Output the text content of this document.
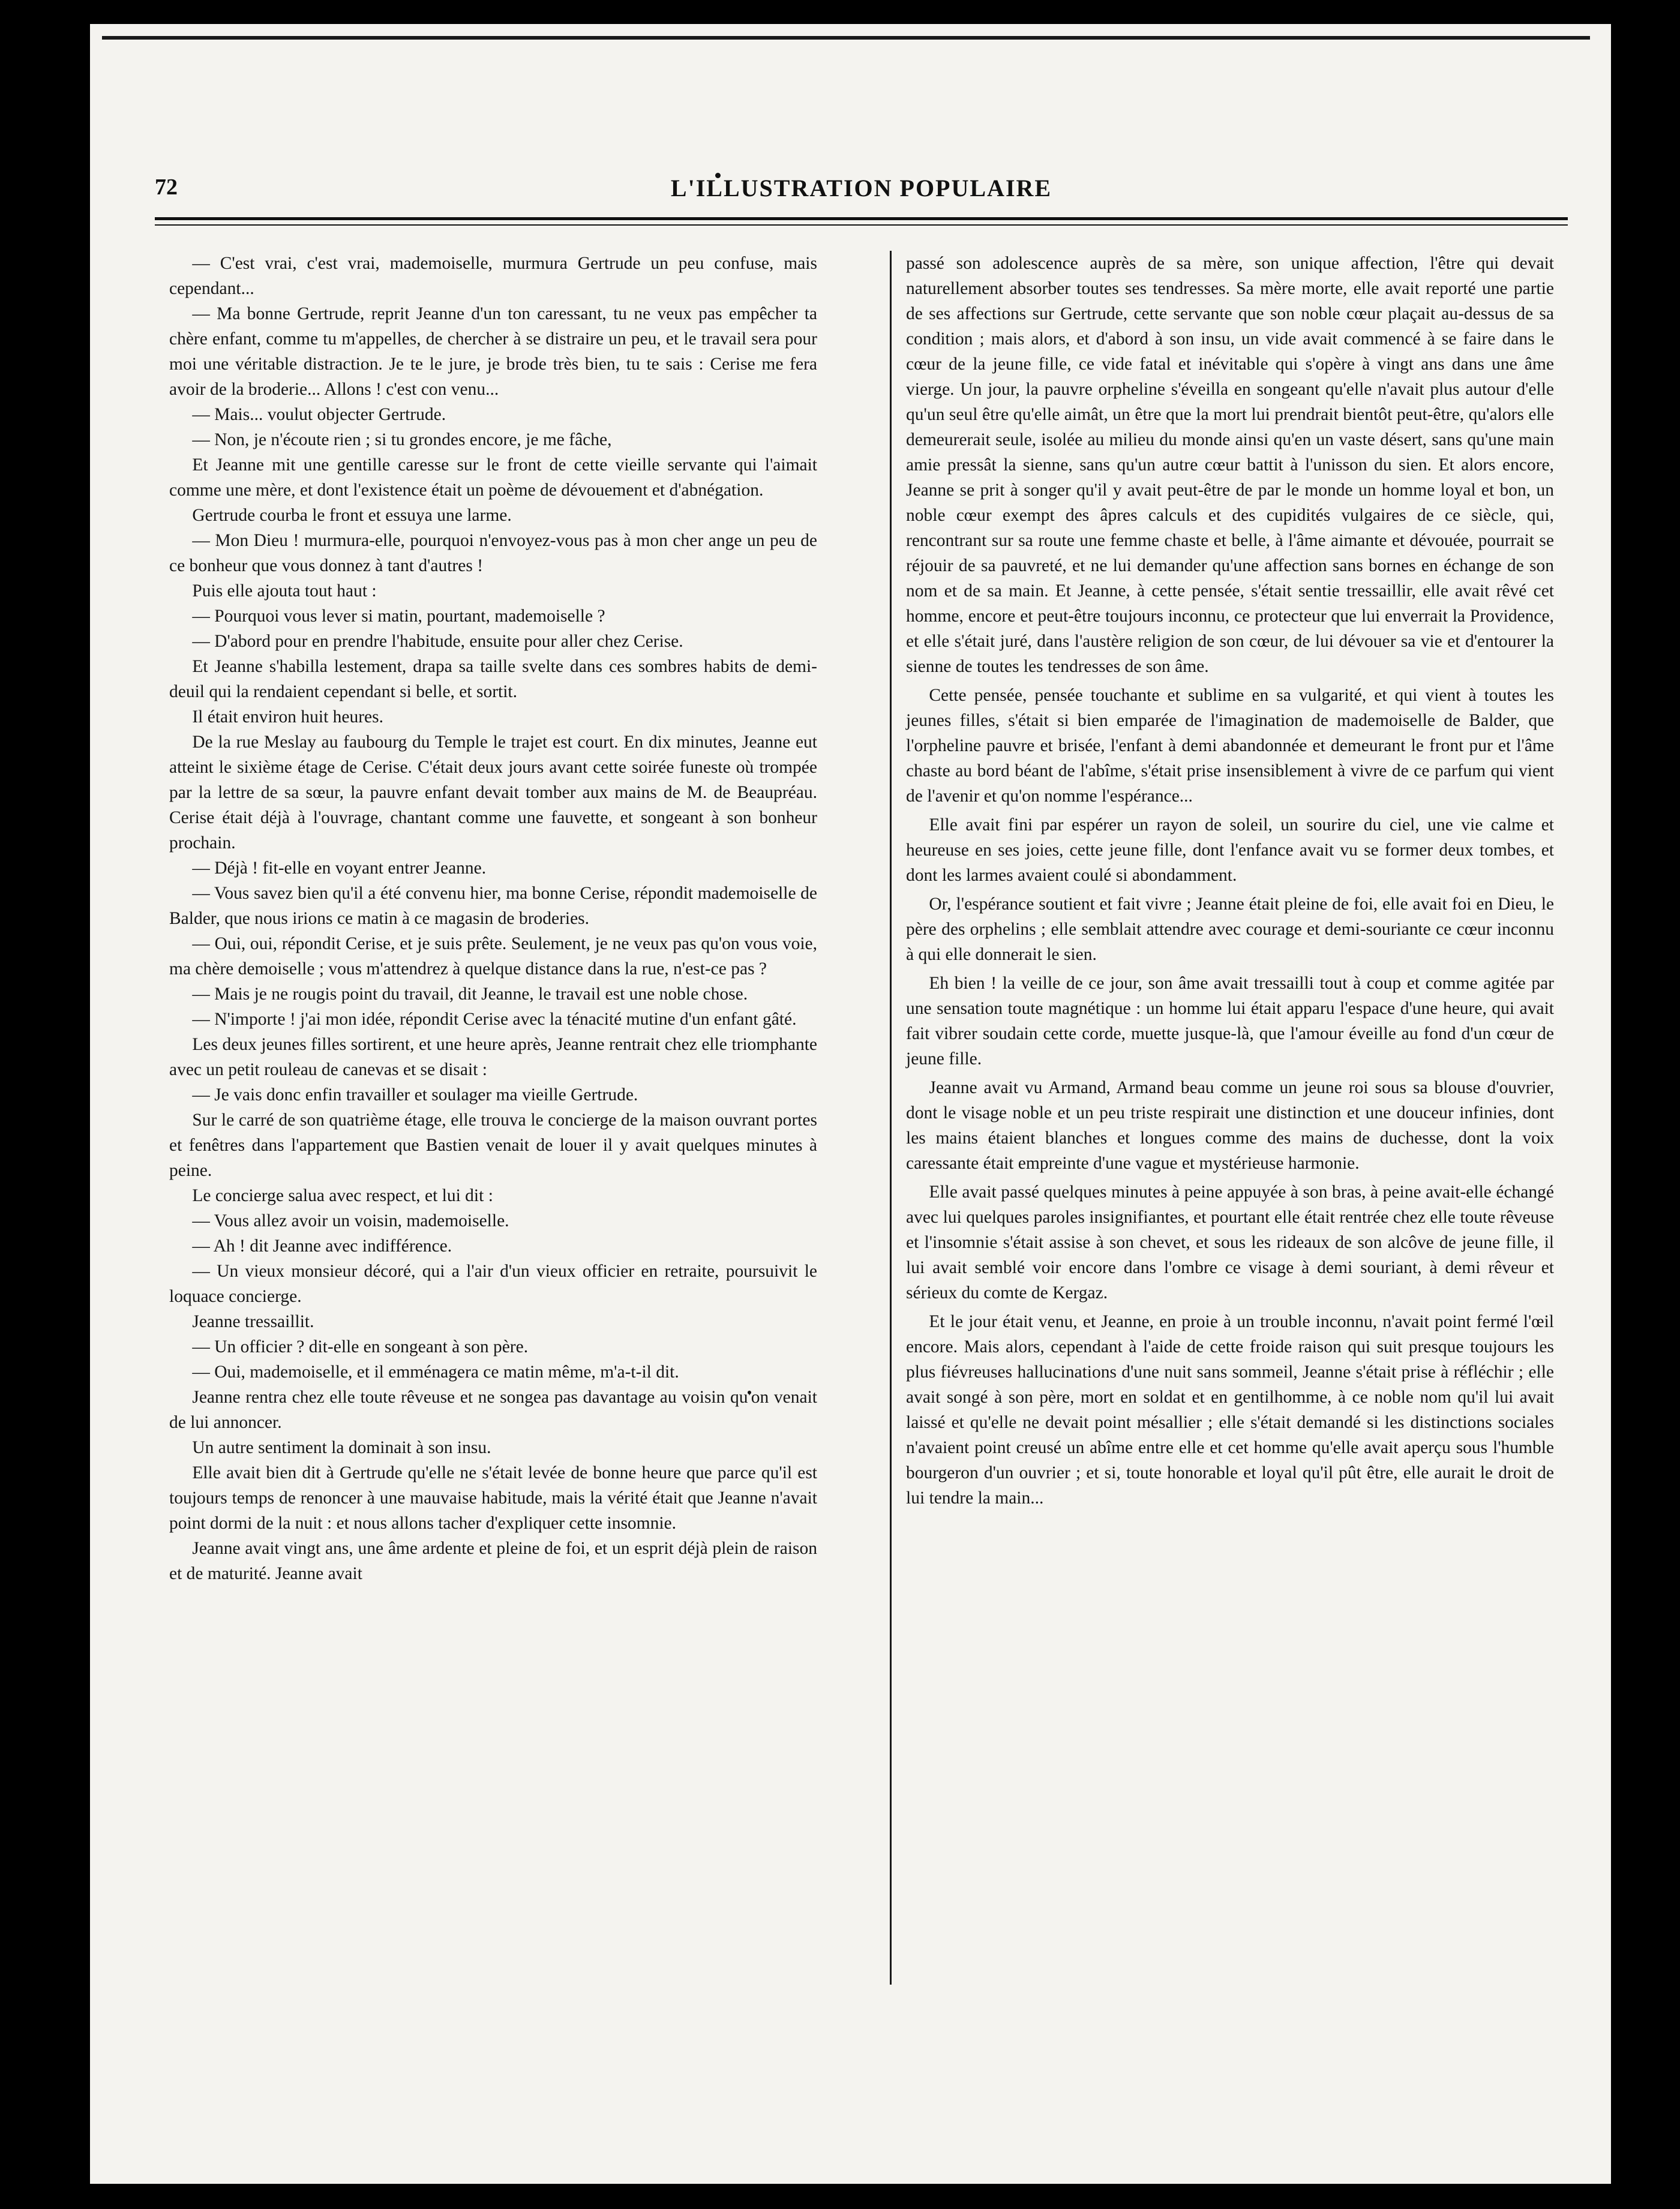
72	L'ILLUSTRATION POPULAIRE

— C'est vrai, c'est vrai, mademoiselle, murmura Gertrude un peu confuse, mais cependant...

— Ma bonne Gertrude, reprit Jeanne d'un ton caressant, tu ne veux pas empêcher ta chère enfant, comme tu m'appelles, de chercher à se distraire un peu, et le travail sera pour moi une véritable distraction. Je te le jure, je brode très bien, tu te sais : Cerise me fera avoir de la broderie... Allons ! c'est con venu...

— Mais... voulut objecter Gertrude.

— Non, je n'écoute rien ; si tu grondes encore, je me fâche,

Et Jeanne mit une gentille caresse sur le front de cette vieille servante qui l'aimait comme une mère, et dont l'existence était un poème de dévouement et d'abnégation.

Gertrude courba le front et essuya une larme.

— Mon Dieu ! murmura-elle, pourquoi n'envoyez-vous pas à mon cher ange un peu de ce bonheur que vous donnez à tant d'autres !

Puis elle ajouta tout haut :

— Pourquoi vous lever si matin, pourtant, mademoiselle ?

— D'abord pour en prendre l'habitude, ensuite pour aller chez Cerise.

Et Jeanne s'habilla lestement, drapa sa taille svelte dans ces sombres habits de demi-deuil qui la rendaient cependant si belle, et sortit.

Il était environ huit heures.

De la rue Meslay au faubourg du Temple le trajet est court. En dix minutes, Jeanne eut atteint le sixième étage de Cerise. C'était deux jours avant cette soirée funeste où trompée par la lettre de sa sœur, la pauvre enfant devait tomber aux mains de M. de Beaupréau. Cerise était déjà à l'ouvrage, chantant comme une fauvette, et songeant à son bonheur prochain.

— Déjà ! fit-elle en voyant entrer Jeanne.

— Vous savez bien qu'il a été convenu hier, ma bonne Cerise, répondit mademoiselle de Balder, que nous irions ce matin à ce magasin de broderies.

— Oui, oui, répondit Cerise, et je suis prête. Seulement, je ne veux pas qu'on vous voie, ma chère demoiselle ; vous m'attendrez à quelque distance dans la rue, n'est-ce pas ?

— Mais je ne rougis point du travail, dit Jeanne, le travail est une noble chose.

— N'importe ! j'ai mon idée, répondit Cerise avec la ténacité mutine d'un enfant gâté.

Les deux jeunes filles sortirent, et une heure après, Jeanne rentrait chez elle triomphante avec un petit rouleau de canevas et se disait :

— Je vais donc enfin travailler et soulager ma vieille Gertrude.

Sur le carré de son quatrième étage, elle trouva le concierge de la maison ouvrant portes et fenêtres dans l'appartement que Bastien venait de louer il y avait quelques minutes à peine.

Le concierge salua avec respect, et lui dit :

— Vous allez avoir un voisin, mademoiselle.

— Ah ! dit Jeanne avec indifférence.

— Un vieux monsieur décoré, qui a l'air d'un vieux officier en retraite, poursuivit le loquace concierge.

Jeanne tressaillit.

— Un officier ? dit-elle en songeant à son père.

— Oui, mademoiselle, et il emménagera ce matin même, m'a-t-il dit.

Jeanne rentra chez elle toute rêveuse et ne songea pas davantage au voisin qu'on venait de lui annoncer.

Un autre sentiment la dominait à son insu.

Elle avait bien dit à Gertrude qu'elle ne s'était levée de bonne heure que parce qu'il est toujours temps de renoncer à une mauvaise habitude, mais la vérité était que Jeanne n'avait point dormi de la nuit : et nous allons tacher d'expliquer cette insomnie.

Jeanne avait vingt ans, une âme ardente et pleine de foi, et un esprit déjà plein de raison et de maturité. Jeanne avait

passé son adolescence auprès de sa mère, son unique affection, l'être qui devait naturellement absorber toutes ses tendresses. Sa mère morte, elle avait reporté une partie de ses affections sur Gertrude, cette servante que son noble cœur plaçait au-dessus de sa condition ; mais alors, et d'abord à son insu, un vide avait commencé à se faire dans le cœur de la jeune fille, ce vide fatal et inévitable qui s'opère à vingt ans dans une âme vierge. Un jour, la pauvre orpheline s'éveilla en songeant qu'elle n'avait plus autour d'elle qu'un seul être qu'elle aimât, un être que la mort lui prendrait bientôt peut-être, qu'alors elle demeurerait seule, isolée au milieu du monde ainsi qu'en un vaste désert, sans qu'une main amie pressât la sienne, sans qu'un autre cœur battit à l'unisson du sien. Et alors encore, Jeanne se prit à songer qu'il y avait peut-être de par le monde un homme loyal et bon, un noble cœur exempt des âpres calculs et des cupidités vulgaires de ce siècle, qui, rencontrant sur sa route une femme chaste et belle, à l'âme aimante et dévouée, pourrait se réjouir de sa pauvreté, et ne lui demander qu'une affection sans bornes en échange de son nom et de sa main. Et Jeanne, à cette pensée, s'était sentie tressaillir, elle avait rêvé cet homme, encore et peut-être toujours inconnu, ce protecteur que lui enverrait la Providence, et elle s'était juré, dans l'austère religion de son cœur, de lui dévouer sa vie et d'entourer la sienne de toutes les tendresses de son âme.

Cette pensée, pensée touchante et sublime en sa vulgarité, et qui vient à toutes les jeunes filles, s'était si bien emparée de l'imagination de mademoiselle de Balder, que l'orpheline pauvre et brisée, l'enfant à demi abandonnée et demeurant le front pur et l'âme chaste au bord béant de l'abîme, s'était prise insensiblement à vivre de ce parfum qui vient de l'avenir et qu'on nomme l'espérance...

Elle avait fini par espérer un rayon de soleil, un sourire du ciel, une vie calme et heureuse en ses joies, cette jeune fille, dont l'enfance avait vu se former deux tombes, et dont les larmes avaient coulé si abondamment.

Or, l'espérance soutient et fait vivre ; Jeanne était pleine de foi, elle avait foi en Dieu, le père des orphelins ; elle semblait attendre avec courage et demi-souriante ce cœur inconnu à qui elle donnerait le sien.

Eh bien ! la veille de ce jour, son âme avait tressailli tout à coup et comme agitée par une sensation toute magnétique : un homme lui était apparu l'espace d'une heure, qui avait fait vibrer soudain cette corde, muette jusque-là, que l'amour éveille au fond d'un cœur de jeune fille.

Jeanne avait vu Armand, Armand beau comme un jeune roi sous sa blouse d'ouvrier, dont le visage noble et un peu triste respirait une distinction et une douceur infinies, dont les mains étaient blanches et longues comme des mains de duchesse, dont la voix caressante était empreinte d'une vague et mystérieuse harmonie.

Elle avait passé quelques minutes à peine appuyée à son bras, à peine avait-elle échangé avec lui quelques paroles insignifiantes, et pourtant elle était rentrée chez elle toute rêveuse et l'insomnie s'était assise à son chevet, et sous les rideaux de son alcôve de jeune fille, il lui avait semblé voir encore dans l'ombre ce visage à demi souriant, à demi rêveur et sérieux du comte de Kergaz.

Et le jour était venu, et Jeanne, en proie à un trouble inconnu, n'avait point fermé l'œil encore. Mais alors, cependant à l'aide de cette froide raison qui suit presque toujours les plus fiévreuses hallucinations d'une nuit sans sommeil, Jeanne s'était prise à réfléchir ; elle avait songé à son père, mort en soldat et en gentilhomme, à ce noble nom qu'il lui avait laissé et qu'elle ne devait point mésallier ; elle s'était demandé si les distinctions sociales n'avaient point creusé un abîme entre elle et cet homme qu'elle avait aperçu sous l'humble bourgeron d'un ouvrier ; et si, toute honorable et loyal qu'il pût être, elle aurait le droit de lui tendre la main...
